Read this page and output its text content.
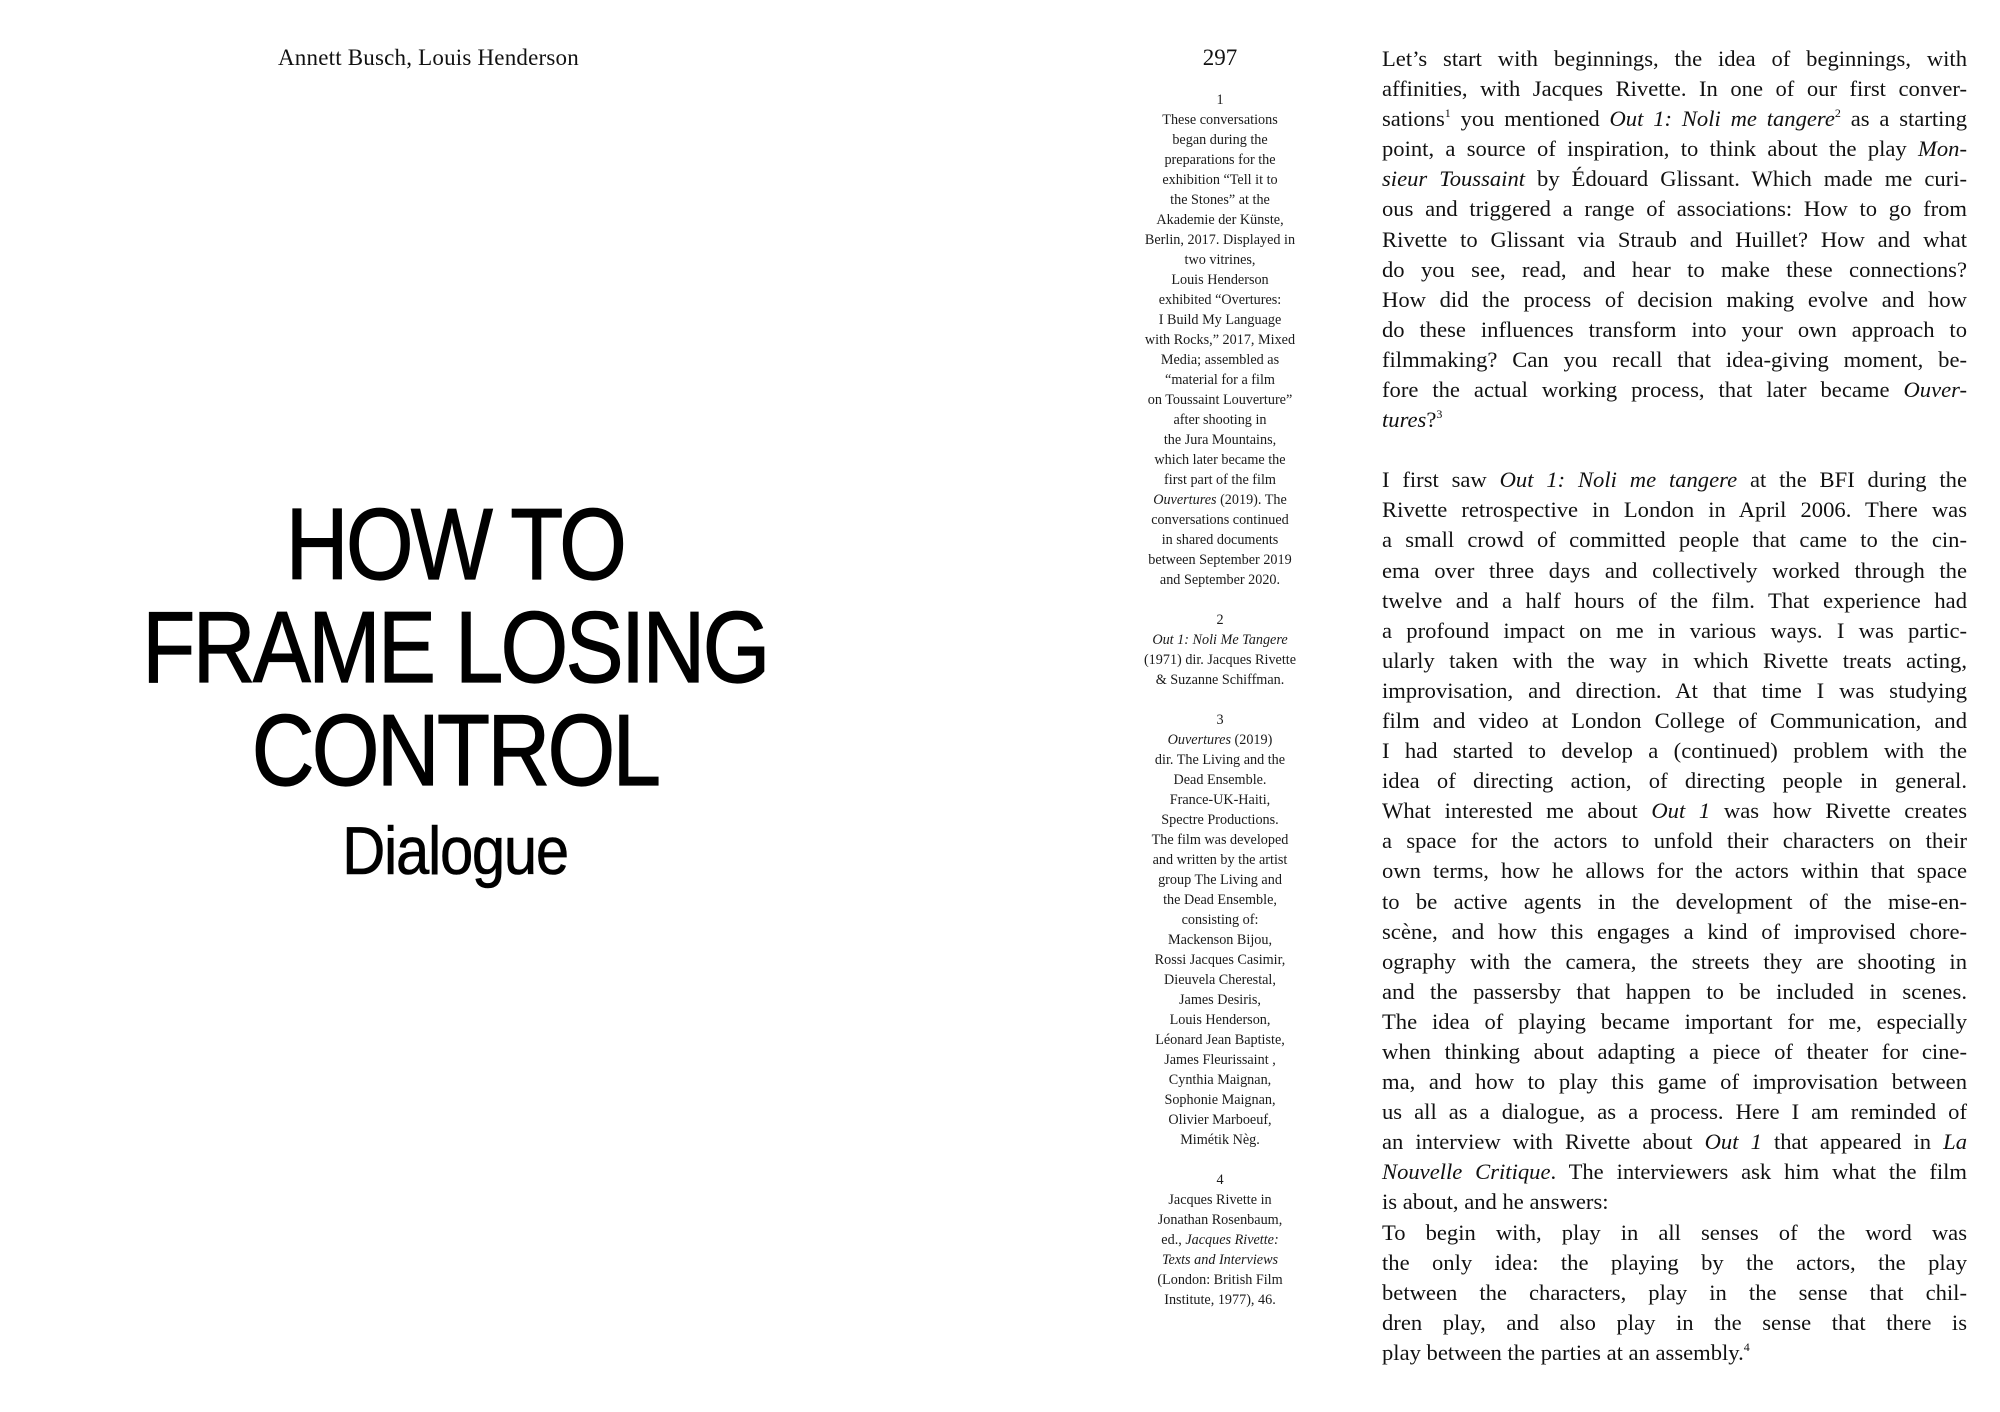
Annett Busch, Louis Henderson
HOW TO
FRAME LOSING
CONTROL
Dialogue
297
1
These conversations
began during the
preparations for the
exhibition “Tell it to
the Stones” at the
Akademie der Künste,
Berlin, 2017. Displayed in
two vitrines,
Louis Henderson
exhibited “Overtures:
I Build My Language
with Rocks,” 2017, Mixed
Media; assembled as
“material for a film
on Toussaint Louverture”
after shooting in
the Jura Mountains,
which later became the
first part of the film
Ouvertures (2019). The
conversations continued
in shared documents
between September 2019
and September 2020.
2
Out 1: Noli Me Tangere
(1971) dir. Jacques Rivette
& Suzanne Schiffman.
3
Ouvertures (2019)
dir. The Living and the
Dead Ensemble.
France-UK-Haiti,
Spectre Productions.
The film was developed
and written by the artist
group The Living and
the Dead Ensemble,
consisting of:
Mackenson Bijou,
Rossi Jacques Casimir,
Dieuvela Cherestal,
James Desiris,
Louis Henderson,
Léonard Jean Baptiste,
James Fleurissaint ,
Cynthia Maignan,
Sophonie Maignan,
Olivier Marboeuf,
Mimétik Nèg.
4
Jacques Rivette in
Jonathan Rosenbaum,
ed., Jacques Rivette:
Texts and Interviews
(London: British Film
Institute, 1977), 46.

Let’s start with beginnings, the idea of beginnings, with
affinities, with Jacques Rivette. In one of our first conver-
sations$^1$ you mentioned Out 1: Noli me tangere$^2$ as a starting
point, a source of inspiration, to think about the play Mon-
sieur Toussaint by Édouard Glissant. Which made me curi-
ous and triggered a range of associations: How to go from
Rivette to Glissant via Straub and Huillet? How and what
do you see, read, and hear to make these connections?
How did the process of decision making evolve and how
do these influences transform into your own approach to
filmmaking? Can you recall that idea-giving moment, be-
fore the actual working process, that later became Ouver-
tures?$^3$

I first saw Out 1: Noli me tangere at the BFI during the
Rivette retrospective in London in April 2006. There was
a small crowd of committed people that came to the cin-
ema over three days and collectively worked through the
twelve and a half hours of the film. That experience had
a profound impact on me in various ways. I was partic-
ularly taken with the way in which Rivette treats acting,
improvisation, and direction. At that time I was studying
film and video at London College of Communication, and
I had started to develop a (continued) problem with the
idea of directing action, of directing people in general.
What interested me about Out 1 was how Rivette creates
a space for the actors to unfold their characters on their
own terms, how he allows for the actors within that space
to be active agents in the development of the mise-en-
scène, and how this engages a kind of improvised chore-
ography with the camera, the streets they are shooting in
and the passersby that happen to be included in scenes.
The idea of playing became important for me, especially
when thinking about adapting a piece of theater for cine-
ma, and how to play this game of improvisation between
us all as a dialogue, as a process. Here I am reminded of
an interview with Rivette about Out 1 that appeared in La
Nouvelle Critique. The interviewers ask him what the film
is about, and he answers:

To begin with, play in all senses of the word was
the only idea: the playing by the actors, the play
between the characters, play in the sense that chil-
dren play, and also play in the sense that there is
play between the parties at an assembly.$^4$
